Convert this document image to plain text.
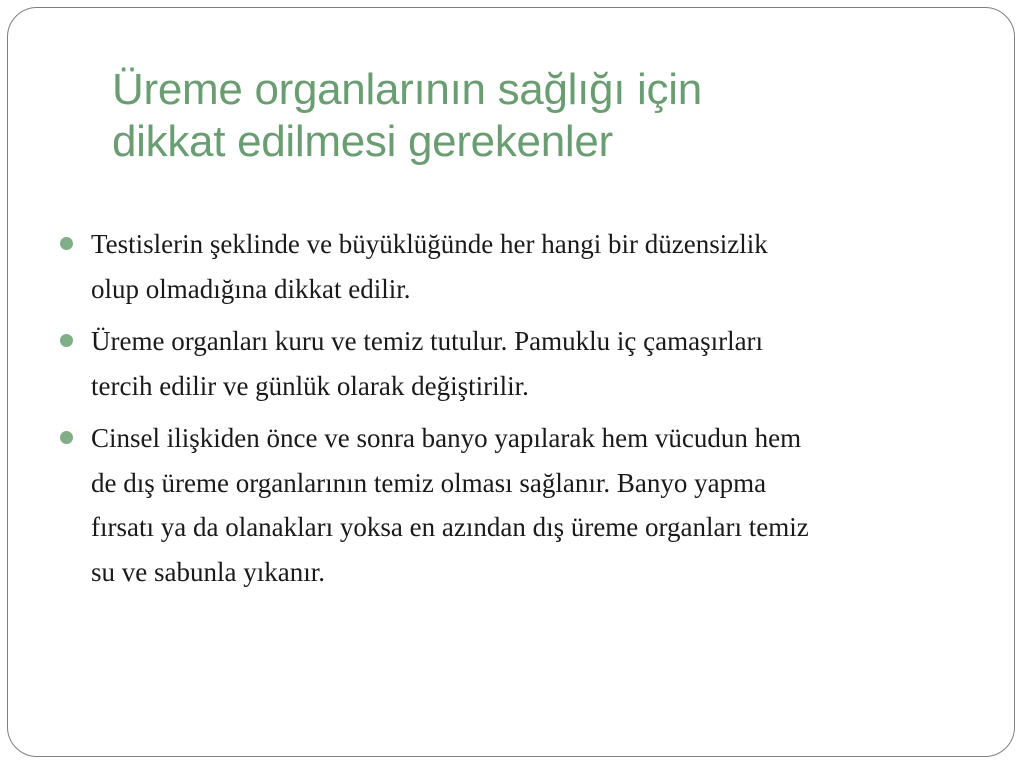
Üreme organlarının sağlığı için
dikkat edilmesi gerekenler
Testislerin şeklinde ve büyüklüğünde her hangi bir düzensizlik
olup olmadığına dikkat edilir.
Üreme organları kuru ve temiz tutulur. Pamuklu iç çamaşırları
tercih edilir ve günlük olarak değiştirilir.
Cinsel ilişkiden önce ve sonra banyo yapılarak hem vücudun hem
de dış üreme organlarının temiz olması sağlanır. Banyo yapma
fırsatı ya da olanakları yoksa en azından dış üreme organları temiz
su ve sabunla yıkanır.
